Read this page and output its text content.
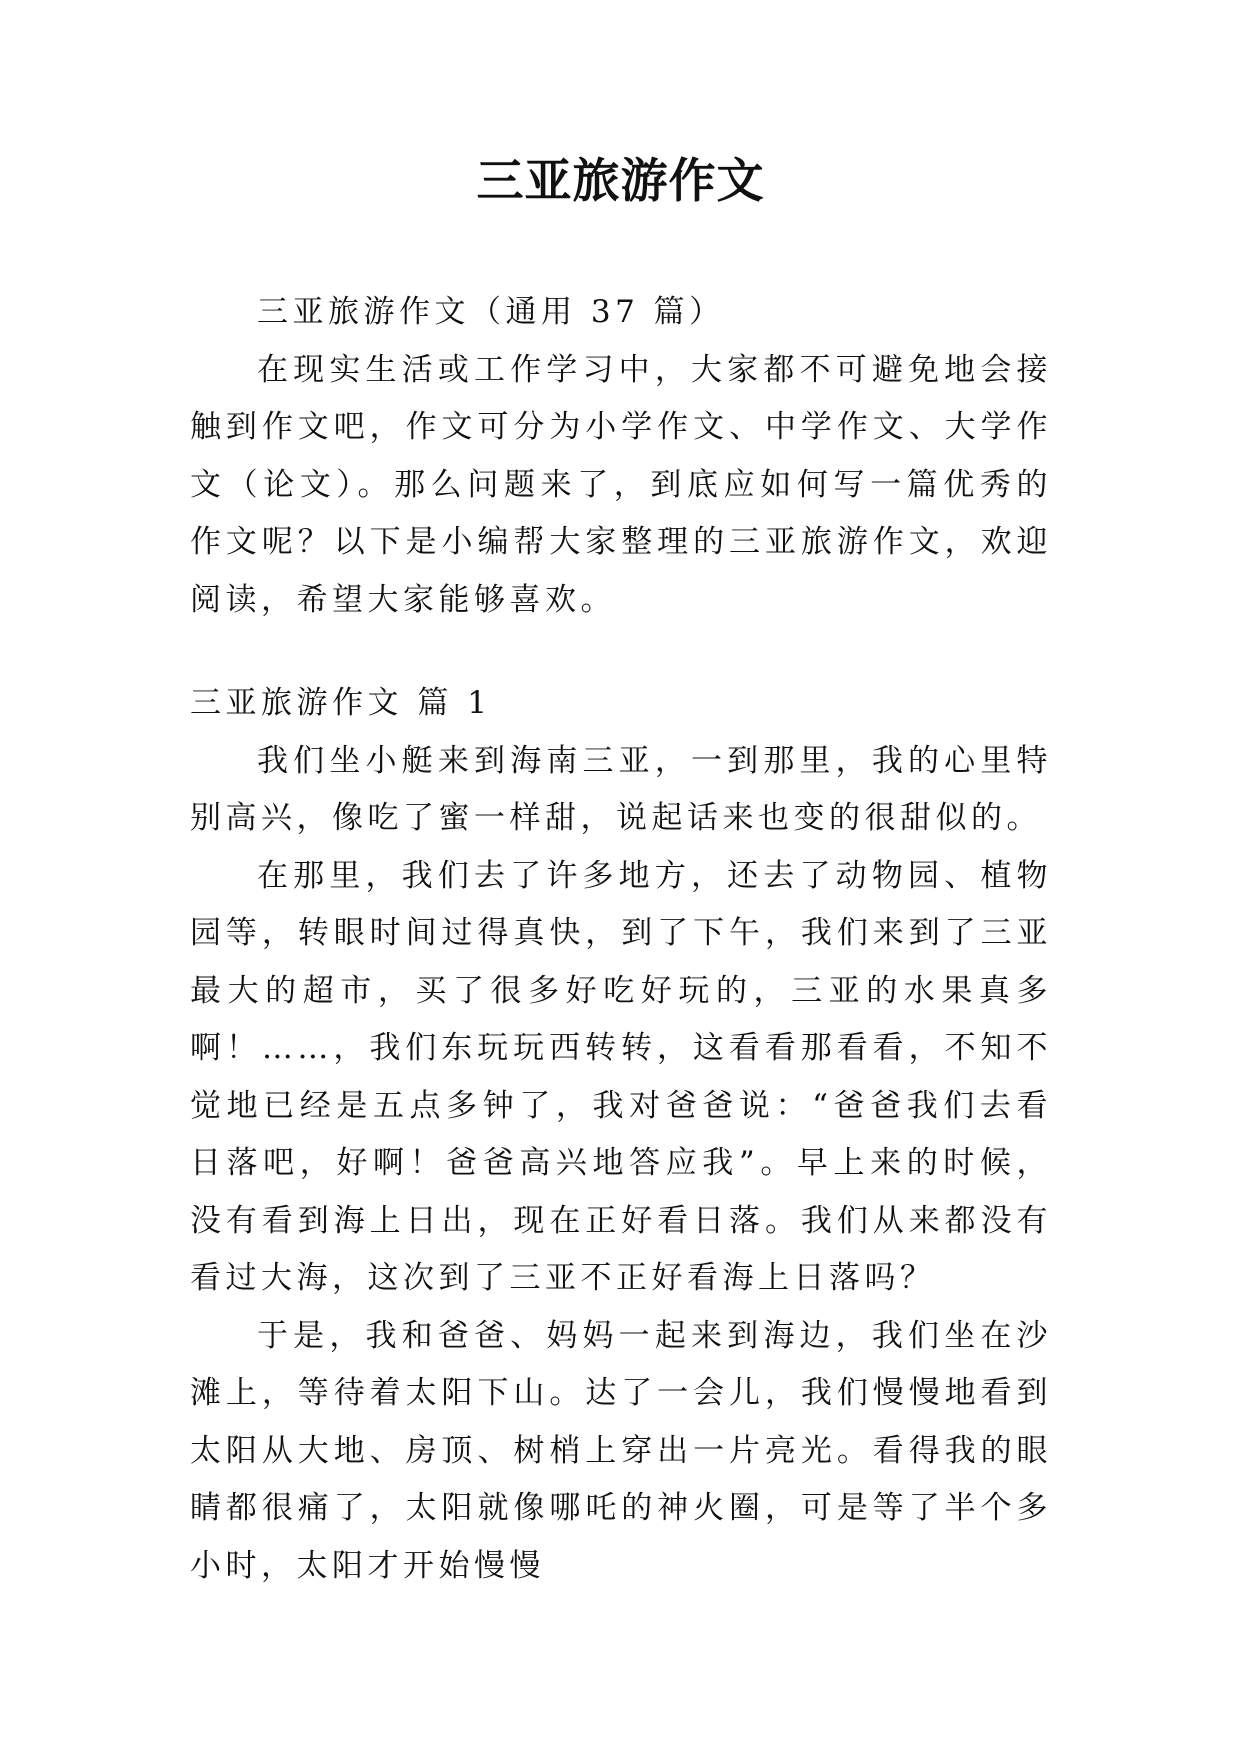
三亚旅游作文

三亚旅游作文（通用 37 篇）

在现实生活或工作学习中，大家都不可避免地会接触到作文吧，作文可分为小学作文、中学作文、大学作文（论文）。那么问题来了，到底应如何写一篇优秀的作文呢？以下是小编帮大家整理的三亚旅游作文，欢迎阅读，希望大家能够喜欢。

三亚旅游作文 篇 1

我们坐小艇来到海南三亚，一到那里，我的心里特别高兴，像吃了蜜一样甜，说起话来也变的很甜似的。

在那里，我们去了许多地方，还去了动物园、植物园等，转眼时间过得真快，到了下午，我们来到了三亚最大的超市，买了很多好吃好玩的，三亚的水果真多啊！……，我们东玩玩西转转，这看看那看看，不知不觉地已经是五点多钟了，我对爸爸说：“爸爸我们去看日落吧，好啊！爸爸高兴地答应我”。早上来的时候，没有看到海上日出，现在正好看日落。我们从来都没有看过大海，这次到了三亚不正好看海上日落吗？

于是，我和爸爸、妈妈一起来到海边，我们坐在沙滩上，等待着太阳下山。达了一会儿，我们慢慢地看到太阳从大地、房顶、树梢上穿出一片亮光。看得我的眼睛都很痛了，太阳就像哪吒的神火圈，可是等了半个多小时，太阳才开始慢慢
